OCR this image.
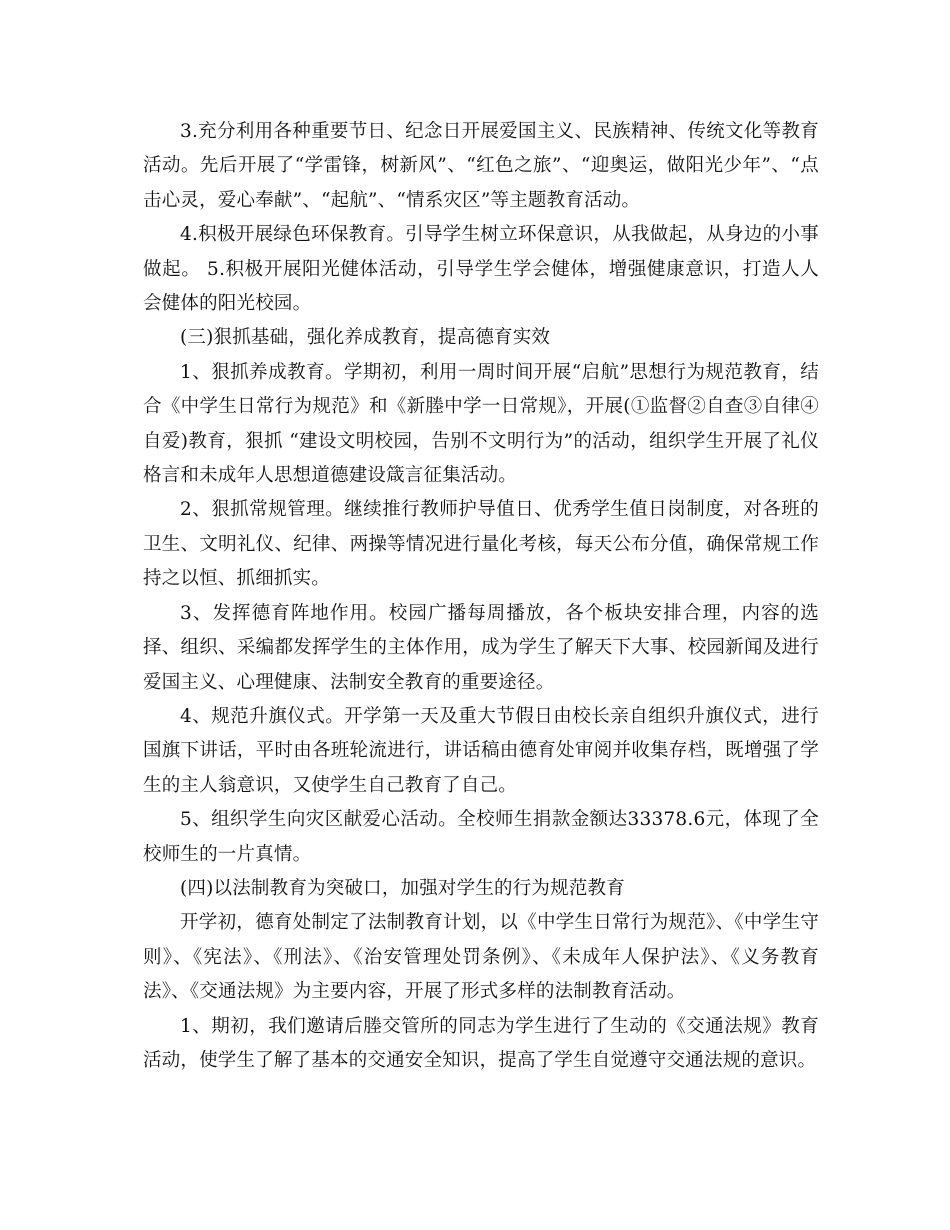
3.充分利用各种重要节日、纪念日开展爱国主义、民族精神、传统文化等教育活动。先后开展了“学雷锋，树新风”、“红色之旅”、“迎奥运，做阳光少年”、“点击心灵，爱心奉献”、“起航”、“情系灾区”等主题教育活动。

4.积极开展绿色环保教育。引导学生树立环保意识，从我做起，从身边的小事做起。 5.积极开展阳光健体活动，引导学生学会健体，增强健康意识，打造人人会健体的阳光校园。

(三)狠抓基础，强化养成教育，提高德育实效

1、狠抓养成教育。学期初，利用一周时间开展“启航”思想行为规范教育，结合《中学生日常行为规范》和《新塍中学一日常规》，开展(①监督②自查③自律④自爱)教育，狠抓 “建设文明校园，告别不文明行为”的活动，组织学生开展了礼仪格言和未成年人思想道德建设箴言征集活动。

2、狠抓常规管理。继续推行教师护导值日、优秀学生值日岗制度，对各班的卫生、文明礼仪、纪律、两操等情况进行量化考核，每天公布分值，确保常规工作持之以恒、抓细抓实。

3、发挥德育阵地作用。校园广播每周播放，各个板块安排合理，内容的选择、组织、采编都发挥学生的主体作用，成为学生了解天下大事、校园新闻及进行爱国主义、心理健康、法制安全教育的重要途径。

4、规范升旗仪式。开学第一天及重大节假日由校长亲自组织升旗仪式，进行国旗下讲话，平时由各班轮流进行，讲话稿由德育处审阅并收集存档，既增强了学生的主人翁意识，又使学生自己教育了自己。

5、组织学生向灾区献爱心活动。全校师生捐款金额达33378.6元，体现了全校师生的一片真情。

(四)以法制教育为突破口，加强对学生的行为规范教育

开学初，德育处制定了法制教育计划，以《中学生日常行为规范》、《中学生守则》、《宪法》、《刑法》、《治安管理处罚条例》、《未成年人保护法》、《义务教育法》、《交通法规》为主要内容，开展了形式多样的法制教育活动。

1、期初，我们邀请后塍交管所的同志为学生进行了生动的《交通法规》教育活动，使学生了解了基本的交通安全知识，提高了学生自觉遵守交通法规的意识。
